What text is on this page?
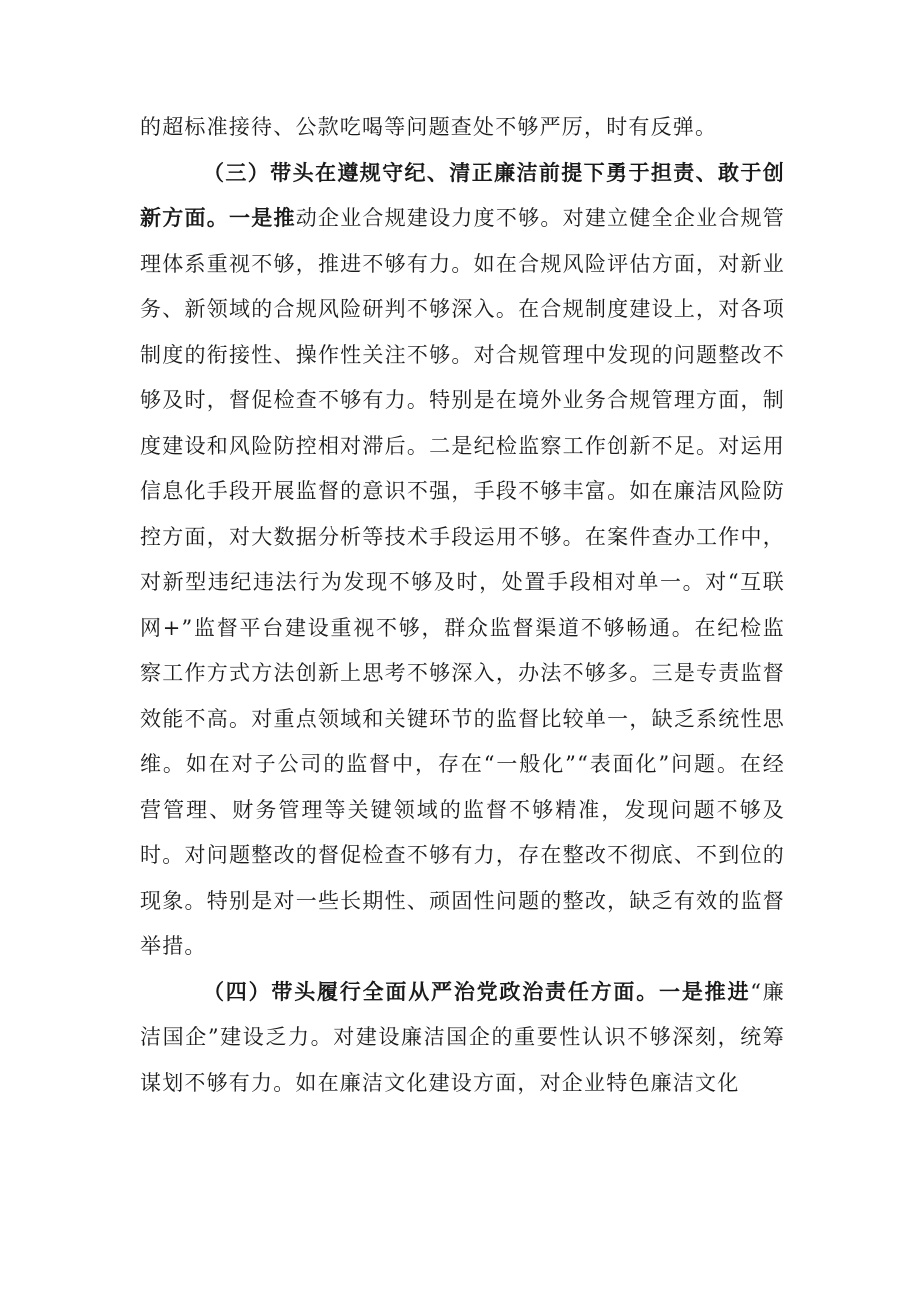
的超标准接待、公款吃喝等问题查处不够严厉，时有反弹。

（三）带头在遵规守纪、清正廉洁前提下勇于担责、敢于创新方面。一是推动企业合规建设力度不够。对建立健全企业合规管理体系重视不够，推进不够有力。如在合规风险评估方面，对新业务、新领域的合规风险研判不够深入。在合规制度建设上，对各项制度的衔接性、操作性关注不够。对合规管理中发现的问题整改不够及时，督促检查不够有力。特别是在境外业务合规管理方面，制度建设和风险防控相对滞后。二是纪检监察工作创新不足。对运用信息化手段开展监督的意识不强，手段不够丰富。如在廉洁风险防控方面，对大数据分析等技术手段运用不够。在案件查办工作中，对新型违纪违法行为发现不够及时，处置手段相对单一。对“互联网+”监督平台建设重视不够，群众监督渠道不够畅通。在纪检监察工作方式方法创新上思考不够深入，办法不够多。三是专责监督效能不高。对重点领域和关键环节的监督比较单一，缺乏系统性思维。如在对子公司的监督中，存在“一般化”“表面化”问题。在经营管理、财务管理等关键领域的监督不够精准，发现问题不够及时。对问题整改的督促检查不够有力，存在整改不彻底、不到位的现象。特别是对一些长期性、顽固性问题的整改，缺乏有效的监督举措。

（四）带头履行全面从严治党政治责任方面。一是推进“廉洁国企”建设乏力。对建设廉洁国企的重要性认识不够深刻，统筹谋划不够有力。如在廉洁文化建设方面，对企业特色廉洁文化
